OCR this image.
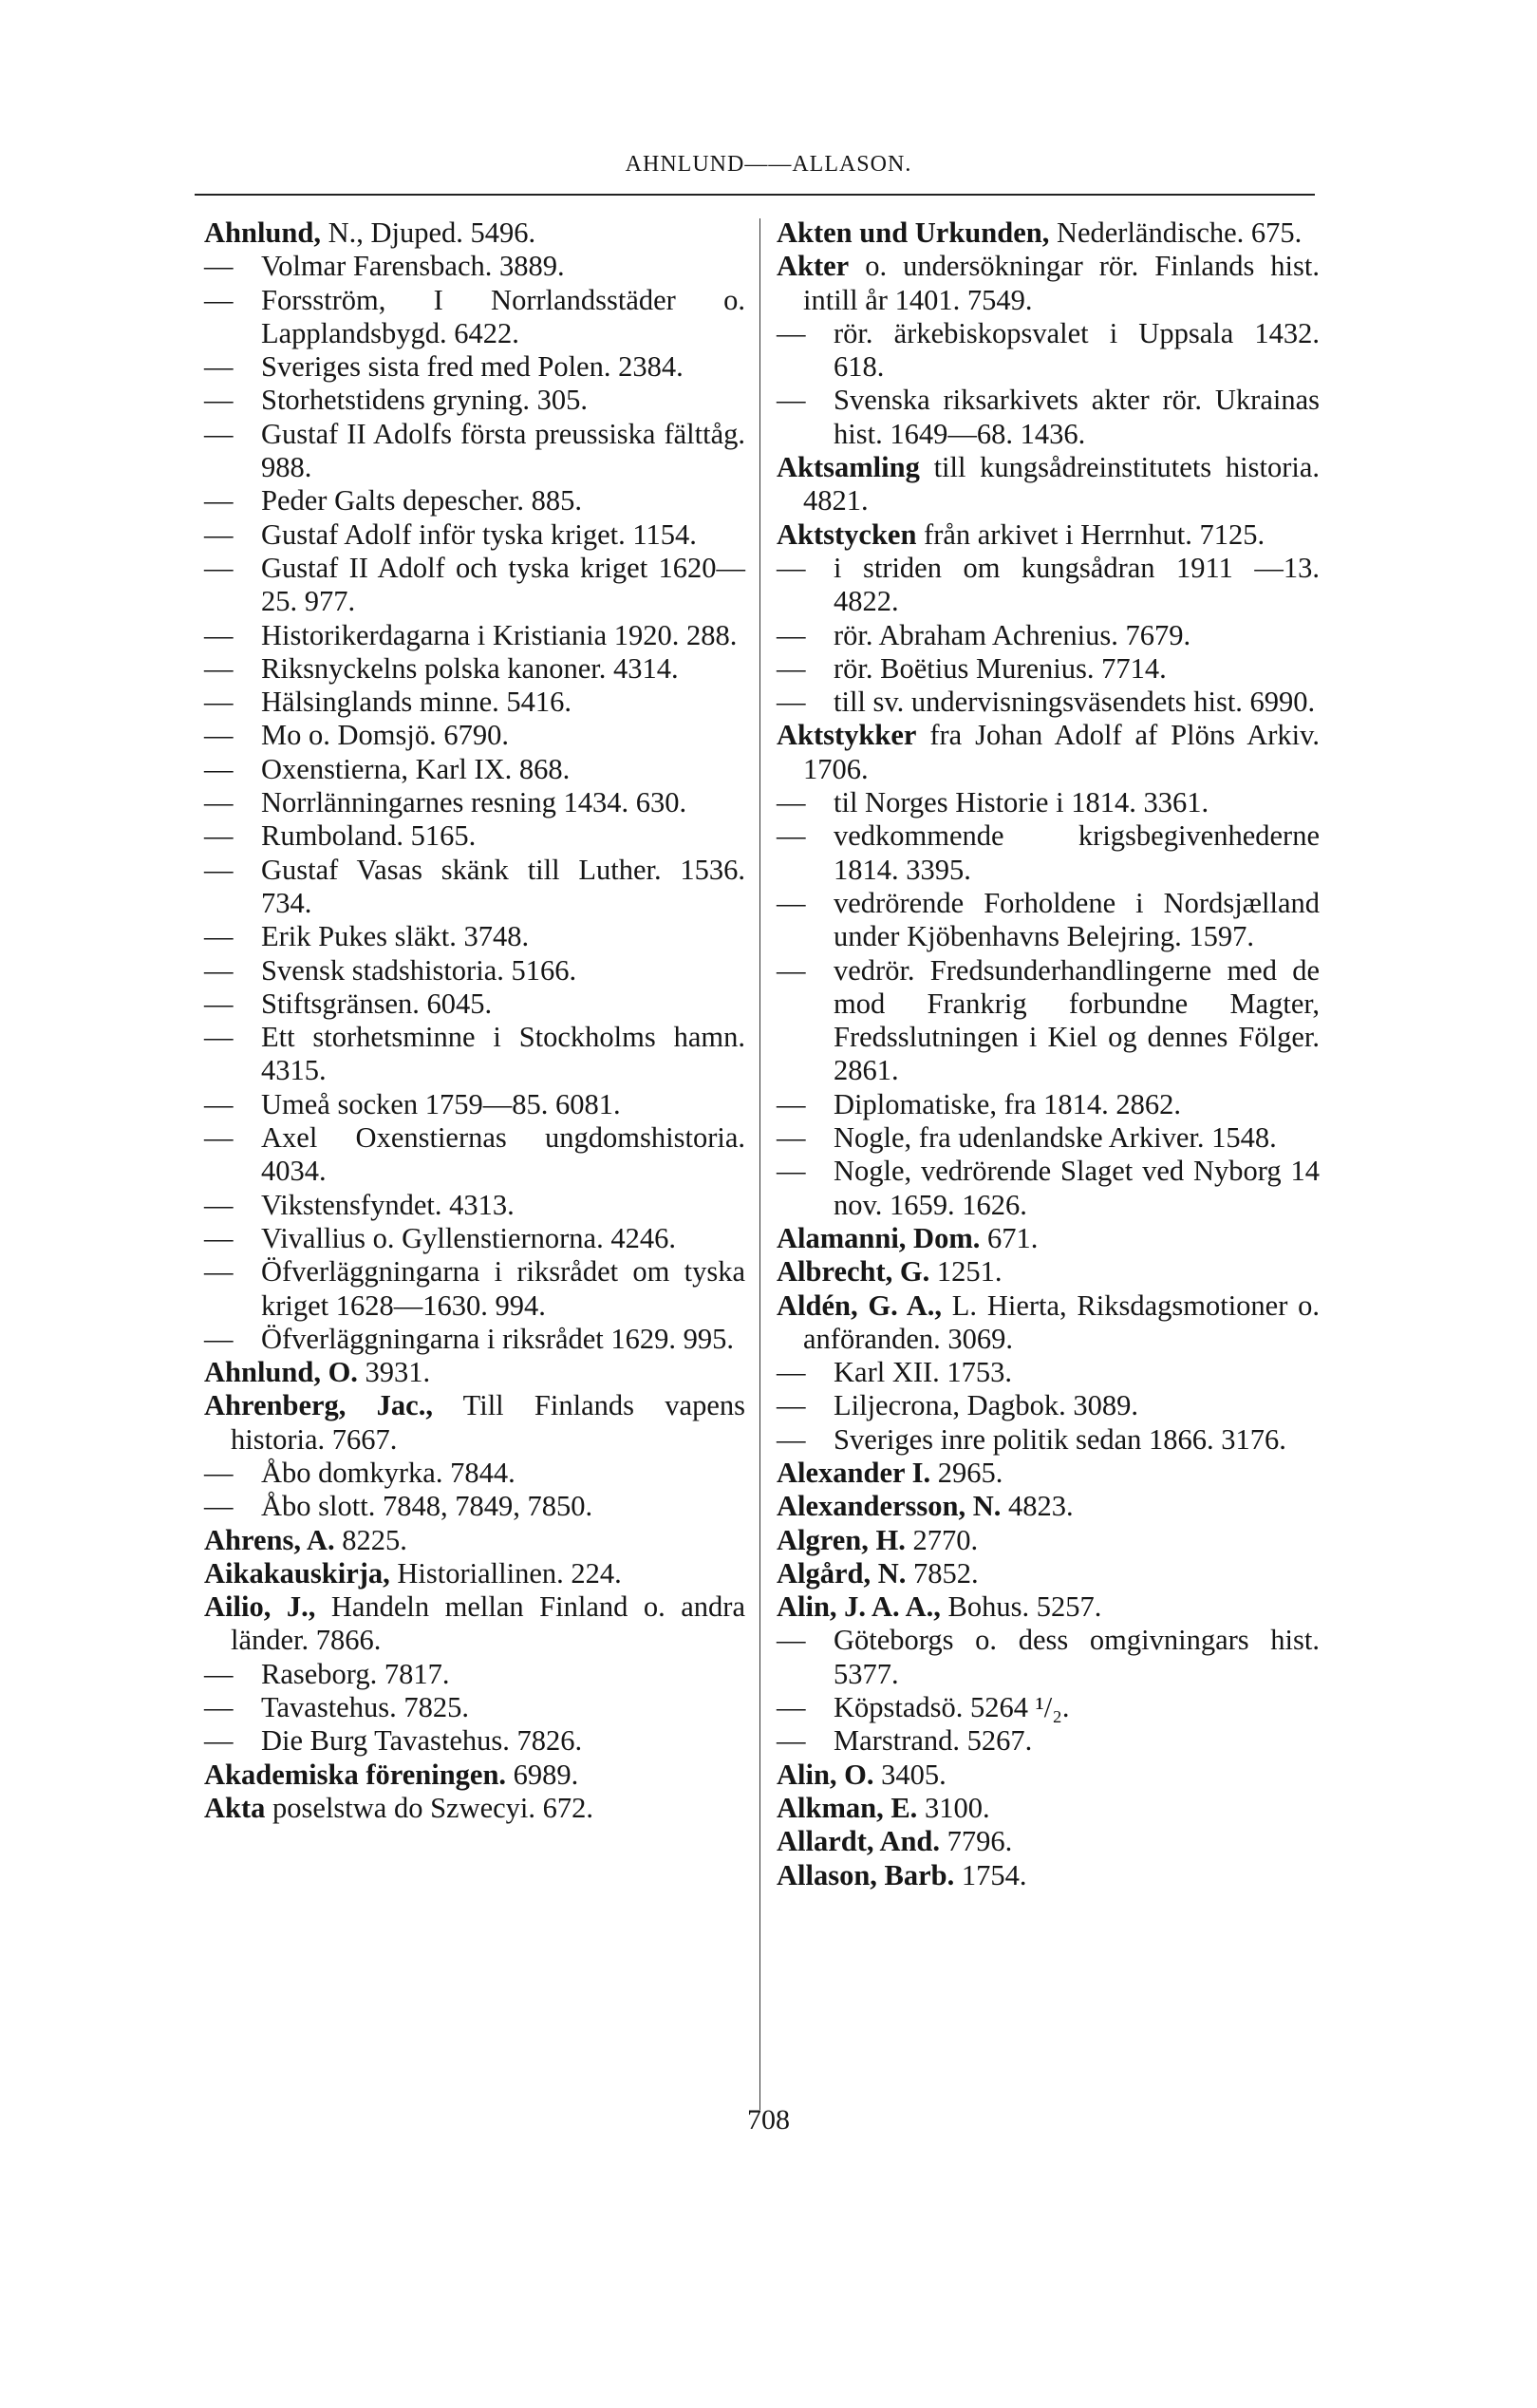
AHNLUND——ALLASON.
Ahnlund, N., Djuped. 5496.
— Volmar Farensbach. 3889.
— Forsström, I Norrlandsstäder o. Lapplandsbygd. 6422.
— Sveriges sista fred med Polen. 2384.
— Storhetstidens gryning. 305.
— Gustaf II Adolfs första preussiska fälttåg. 988.
— Peder Galts depescher. 885.
— Gustaf Adolf inför tyska kriget. 1154.
— Gustaf II Adolf och tyska kriget 1620—25. 977.
— Historikerdagarna i Kristiania 1920. 288.
— Riksnyckelns polska kanoner. 4314.
— Hälsinglands minne. 5416.
— Mo o. Domsjö. 6790.
— Oxenstierna, Karl IX. 868.
— Norrlänningarnes resning 1434. 630.
— Rumboland. 5165.
— Gustaf Vasas skänk till Luther. 1536. 734.
— Erik Pukes släkt. 3748.
— Svensk stadshistoria. 5166.
— Stiftsgränsen. 6045.
— Ett storhetsminne i Stockholms hamn. 4315.
— Umeå socken 1759—85. 6081.
— Axel Oxenstiernas ungdomshistoria. 4034.
— Vikstensfyndet. 4313.
— Vivallius o. Gyllenstiernorna. 4246.
— Öfverläggningarna i riksrådet om tyska kriget 1628—1630. 994.
— Öfverläggningarna i riksrådet 1629. 995.
Ahnlund, O. 3931.
Ahrenberg, Jac., Till Finlands vapens historia. 7667.
— Åbo domkyrka. 7844.
— Åbo slott. 7848, 7849, 7850.
Ahrens, A. 8225.
Aikakauskirja, Historiallinen. 224.
Ailio, J., Handeln mellan Finland o. andra länder. 7866.
— Raseborg. 7817.
— Tavastehus. 7825.
— Die Burg Tavastehus. 7826.
Akademiska föreningen. 6989.
Akta poselstwa do Szwecyi. 672.
Akten und Urkunden, Nederländische. 675.
Akter o. undersökningar rör. Finlands hist. intill år 1401. 7549.
— rör. ärkebiskopsvalet i Uppsala 1432. 618.
— Svenska riksarkivets akter rör. Ukrainas hist. 1649—68. 1436.
Aktsamling till kungsådreinstitutets historia. 4821.
Aktstycken från arkivet i Herrnhut. 7125.
— i striden om kungsådran 1911 —13. 4822.
— rör. Abraham Achrenius. 7679.
— rör. Boëtius Murenius. 7714.
— till sv. undervisningsväsendets hist. 6990.
Aktstykker fra Johan Adolf af Plöns Arkiv. 1706.
— til Norges Historie i 1814. 3361.
— vedkommende krigsbegivenhederne 1814. 3395.
— vedrörende Forholdene i Nordsjælland under Kjöbenhavns Belejring. 1597.
— vedrör. Fredsunderhandlingerne med de mod Frankrig forbundne Magter, Fredsslutningen i Kiel og dennes Fölger. 2861.
— Diplomatiske, fra 1814. 2862.
— Nogle, fra udenlandske Arkiver. 1548.
— Nogle, vedrörende Slaget ved Nyborg 14 nov. 1659. 1626.
Alamanni, Dom. 671.
Albrecht, G. 1251.
Aldén, G. A., L. Hierta, Riksdagsmotioner o. anföranden. 3069.
— Karl XII. 1753.
— Liljecrona, Dagbok. 3089.
— Sveriges inre politik sedan 1866. 3176.
Alexander I. 2965.
Alexandersson, N. 4823.
Algren, H. 2770.
Algård, N. 7852.
Alin, J. A. A., Bohus. 5257.
— Göteborgs o. dess omgivningars hist. 5377.
— Köpstadsö. 5264 ¹/₂.
— Marstrand. 5267.
Alin, O. 3405.
Alkman, E. 3100.
Allardt, And. 7796.
Allason, Barb. 1754.
708
